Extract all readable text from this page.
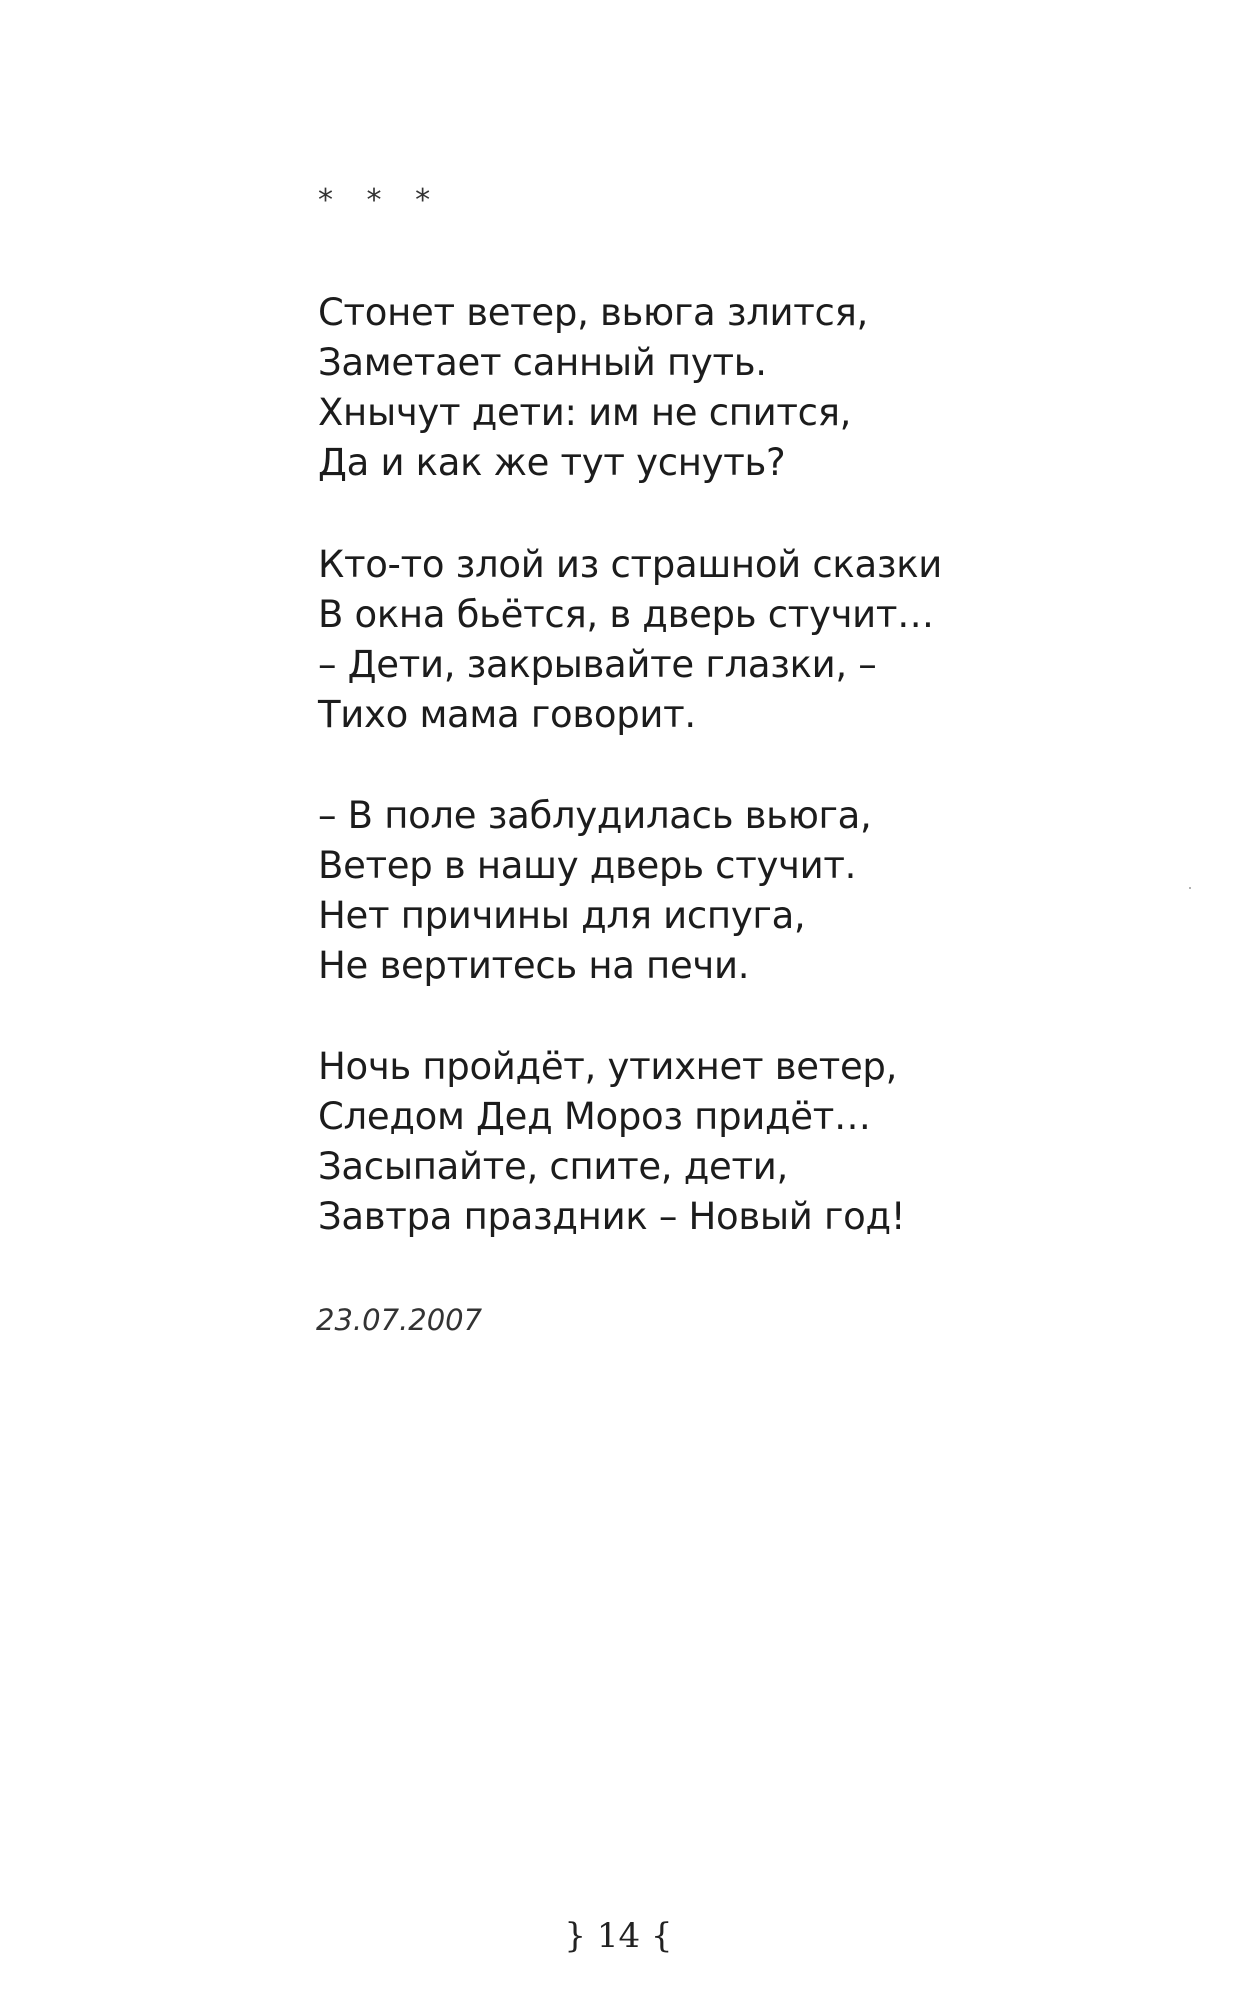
* * *
Стонет ветер, вьюга злится,
Заметает санный путь.
Хнычут дети: им не спится,
Да и как же тут уснуть?
Кто-то злой из страшной сказки
В окна бьётся, в дверь стучит…
– Дети, закрывайте глазки, –
Тихо мама говорит.
– В поле заблудилась вьюга,
Ветер в нашу дверь стучит.
Нет причины для испуга,
Не вертитесь на печи.
Ночь пройдёт, утихнет ветер,
Следом Дед Мороз придёт…
Засыпайте, спите, дети,
Завтра праздник – Новый год!
23.07.2007
} 14 {
